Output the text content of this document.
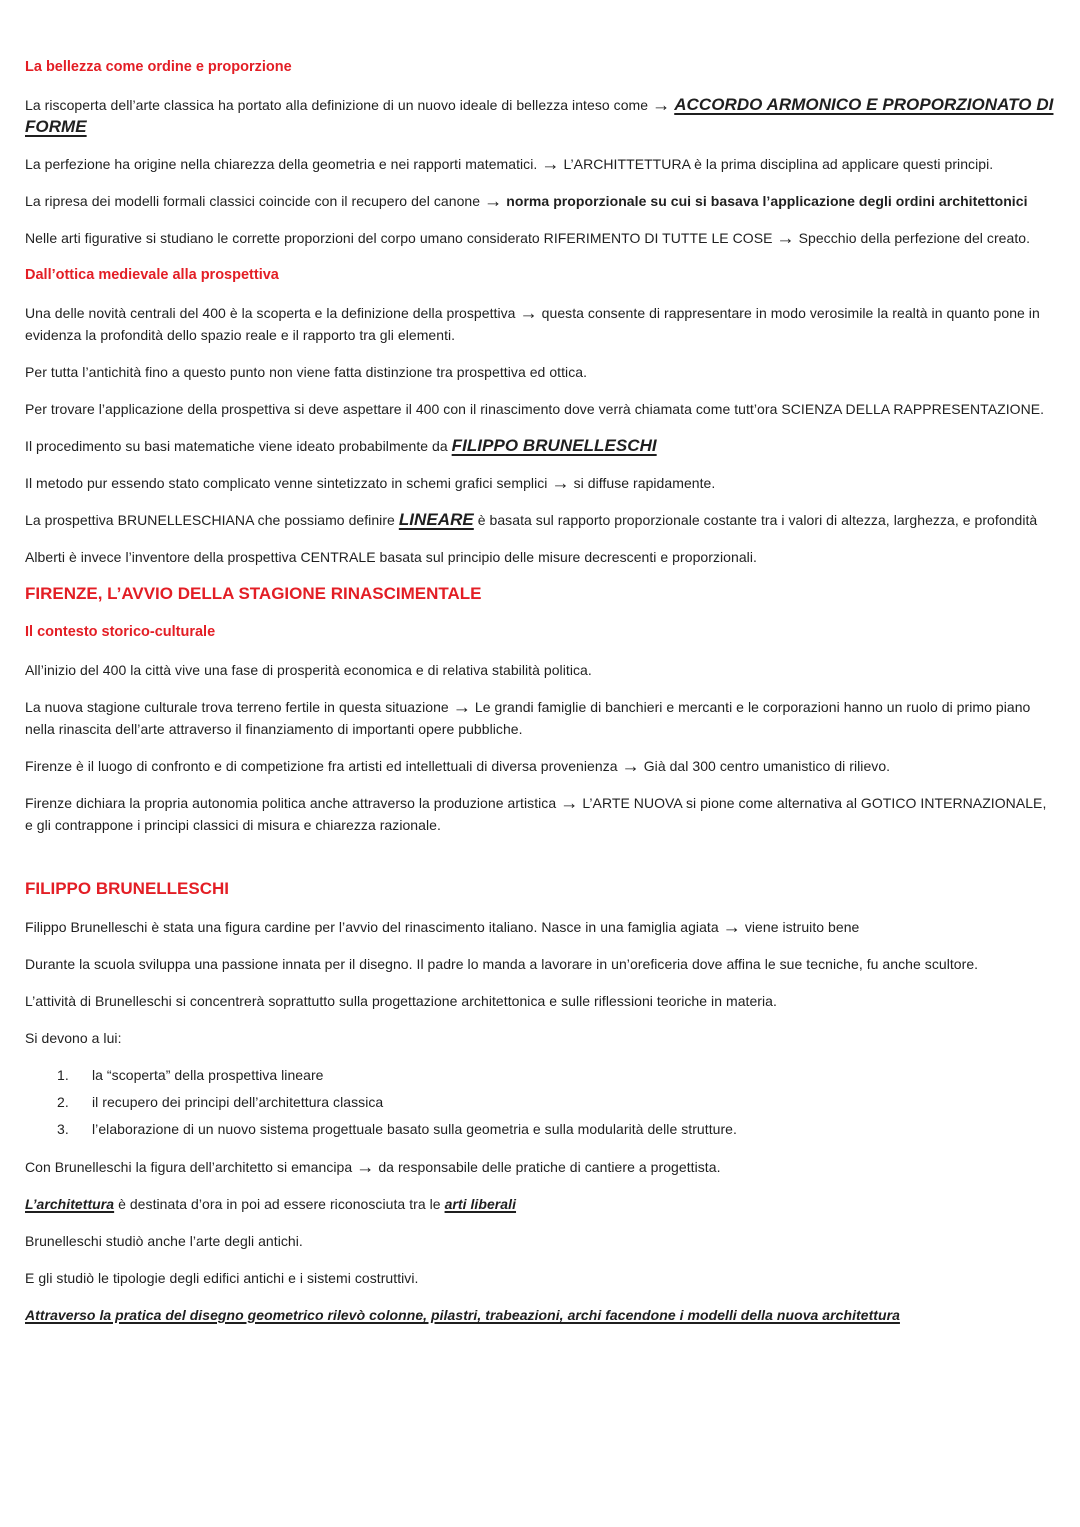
La bellezza come ordine e proporzione

La riscoperta dell’arte classica ha portato alla definizione di un nuovo ideale di bellezza inteso come → ACCORDO ARMONICO E PROPORZIONATO DI FORME

La perfezione ha origine nella chiarezza della geometria e nei rapporti matematici. → L’ARCHITTETTURA è la prima disciplina ad applicare questi principi.

La ripresa dei modelli formali classici coincide con il recupero del canone → norma proporzionale su cui si basava l’applicazione degli ordini architettonici

Nelle arti figurative si studiano le corrette proporzioni del corpo umano considerato RIFERIMENTO DI TUTTE LE COSE → Specchio della perfezione del creato.

Dall’ottica medievale alla prospettiva

Una delle novità centrali del 400 è la scoperta e la definizione della prospettiva → questa consente di rappresentare in modo verosimile la realtà in quanto pone in evidenza la profondità dello spazio reale e il rapporto tra gli elementi.

Per tutta l’antichità fino a questo punto non viene fatta distinzione tra prospettiva ed ottica.

Per trovare l’applicazione della prospettiva si deve aspettare il 400 con il rinascimento dove verrà chiamata come tutt’ora SCIENZA DELLA RAPPRESENTAZIONE.

Il procedimento su basi matematiche viene ideato probabilmente da FILIPPO BRUNELLESCHI

Il metodo pur essendo stato complicato venne sintetizzato in schemi grafici semplici → si diffuse rapidamente.

La prospettiva BRUNELLESCHIANA che possiamo definire LINEARE è basata sul rapporto proporzionale costante tra i valori di altezza, larghezza, e profondità

Alberti è invece l’inventore della prospettiva CENTRALE basata sul principio delle misure decrescenti e proporzionali.

FIRENZE, L’AVVIO DELLA STAGIONE RINASCIMENTALE
Il contesto storico-culturale

All’inizio del 400 la città vive una fase di prosperità economica e di relativa stabilità politica.

La nuova stagione culturale trova terreno fertile in questa situazione → Le grandi famiglie di banchieri e mercanti e le corporazioni hanno un ruolo di primo piano nella rinascita dell’arte attraverso il finanziamento di importanti opere pubbliche.

Firenze è il luogo di confronto e di competizione fra artisti ed intellettuali di diversa provenienza → Già dal 300 centro umanistico di rilievo.

Firenze dichiara la propria autonomia politica anche attraverso la produzione artistica → L’ARTE NUOVA si pione come alternativa al GOTICO INTERNAZIONALE, e gli contrappone i principi classici di misura e chiarezza razionale.

FILIPPO BRUNELLESCHI

Filippo Brunelleschi è stata una figura cardine per l’avvio del rinascimento italiano. Nasce in una famiglia agiata → viene istruito bene

Durante la scuola sviluppa una passione innata per il disegno. Il padre lo manda a lavorare in un’oreficeria dove affina le sue tecniche, fu anche scultore.

L’attività di Brunelleschi si concentrerà soprattutto sulla progettazione architettonica e sulle riflessioni teoriche in materia.

Si devono a lui:

1.	la “scoperta” della prospettiva lineare
2.	il recupero dei principi dell’architettura classica
3.	l’elaborazione di un nuovo sistema progettuale basato sulla geometria e sulla modularità delle strutture.

Con Brunelleschi la figura dell’architetto si emancipa → da responsabile delle pratiche di cantiere a progettista.

L’architettura è destinata d’ora in poi ad essere riconosciuta tra le arti liberali

Brunelleschi studiò anche l’arte degli antichi.

E gli studiò le tipologie degli edifici antichi e i sistemi costruttivi.

Attraverso la pratica del disegno geometrico rilevò colonne, pilastri, trabeazioni, archi facendone i modelli della nuova architettura
